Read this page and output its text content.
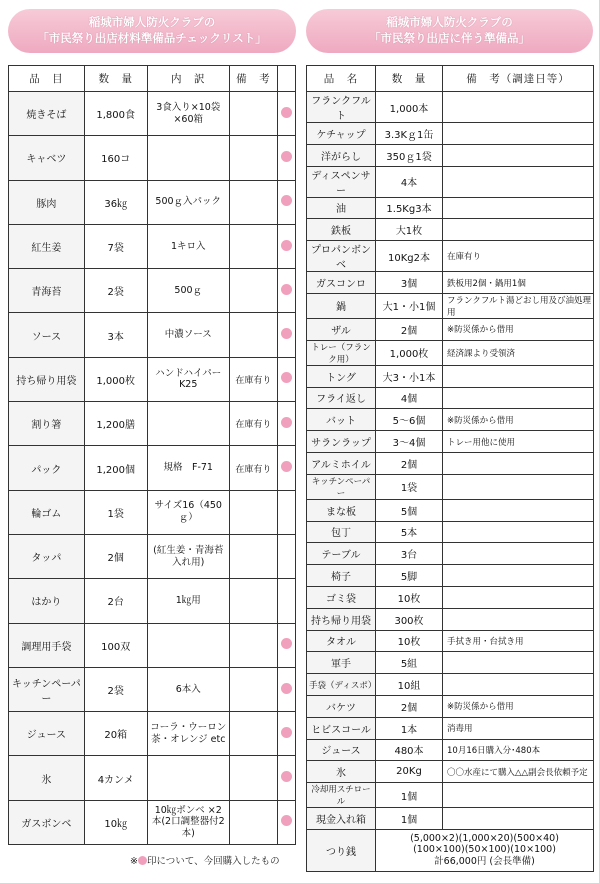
稲城市婦人防火クラブの
「市民祭り出店材料準備品チェックリスト」
品　目	数　量	内　訳	備　考	
焼きそば	1,800食	3食入り×10袋×60箱		
キャベツ	160コ			
豚肉	36㎏	500ｇ入パック		
紅生姜	7袋	1キロ入		
青海苔	2袋	500ｇ		
ソース	3本	中濃ソース		
持ち帰り用袋	1,000枚	ハンドハイパーK25	在庫有り	
割り箸	1,200膳		在庫有り	
パック	1,200個	規格　F-71	在庫有り	
輪ゴム	1袋	サイズ16（450ｇ）		
タッパ	2個	(紅生姜・青海苔入れ用)		
はかり	2台	1㎏用		
調理用手袋	100双			
キッチンペーパー	2袋	6本入		
ジュース	20箱	コーラ・ウーロン茶・オレンジ etc		
氷	4カンメ			
ガスボンベ	10㎏	10㎏ボンベ ×2 本(2口調整器付2本)		
稲城市婦人防火クラブの
「市民祭り出店に伴う準備品」
品　名	数　量	備　考（調達日等）
フランクフルト	1,000本	
ケチャップ	3.3Kｇ1缶	
洋がらし	350ｇ1袋	
ディスペンサー	4本	
油	1.5Kg3本	
鉄板	大1枚	
プロパンボンベ	10Kg2本	在庫有り
ガスコンロ	3個	鉄板用2個・鍋用1個
鍋	大1・小1個	フランクフルト湯どおし用及び油処理用
ザル	2個	※防災係から借用
トレー（フランク用）	1,000枚	経済課より受領済
トング	大3・小1本	
フライ返し	4個	
バット	5～6個	※防災係から借用
サランラップ	3～4個	トレー用他に使用
アルミホイル	2個	
キッチンペーパー	1袋	
まな板	5個	
包丁	5本	
テーブル	3台	
椅子	5脚	
ゴミ袋	10枚	
持ち帰り用袋	300枚	
タオル	10枚	手拭き用・台拭き用
軍手	5組	
手袋（ディスポ）	10組	
バケツ	2個	※防災係から借用
ヒビスコール	1本	消毒用
ジュース	480本	10月16日購入分･480本
氷	20Kg	〇〇水産にて購入△△副会長依頼予定
冷却用スチロール	1個	
現金入れ箱	1個	
つり銭	(5,000×2)(1,000×20)(500×40)
(100×100)(50×100)(10×100)
計66,000円 (会長準備)	
※ 印について、今回購入したもの
